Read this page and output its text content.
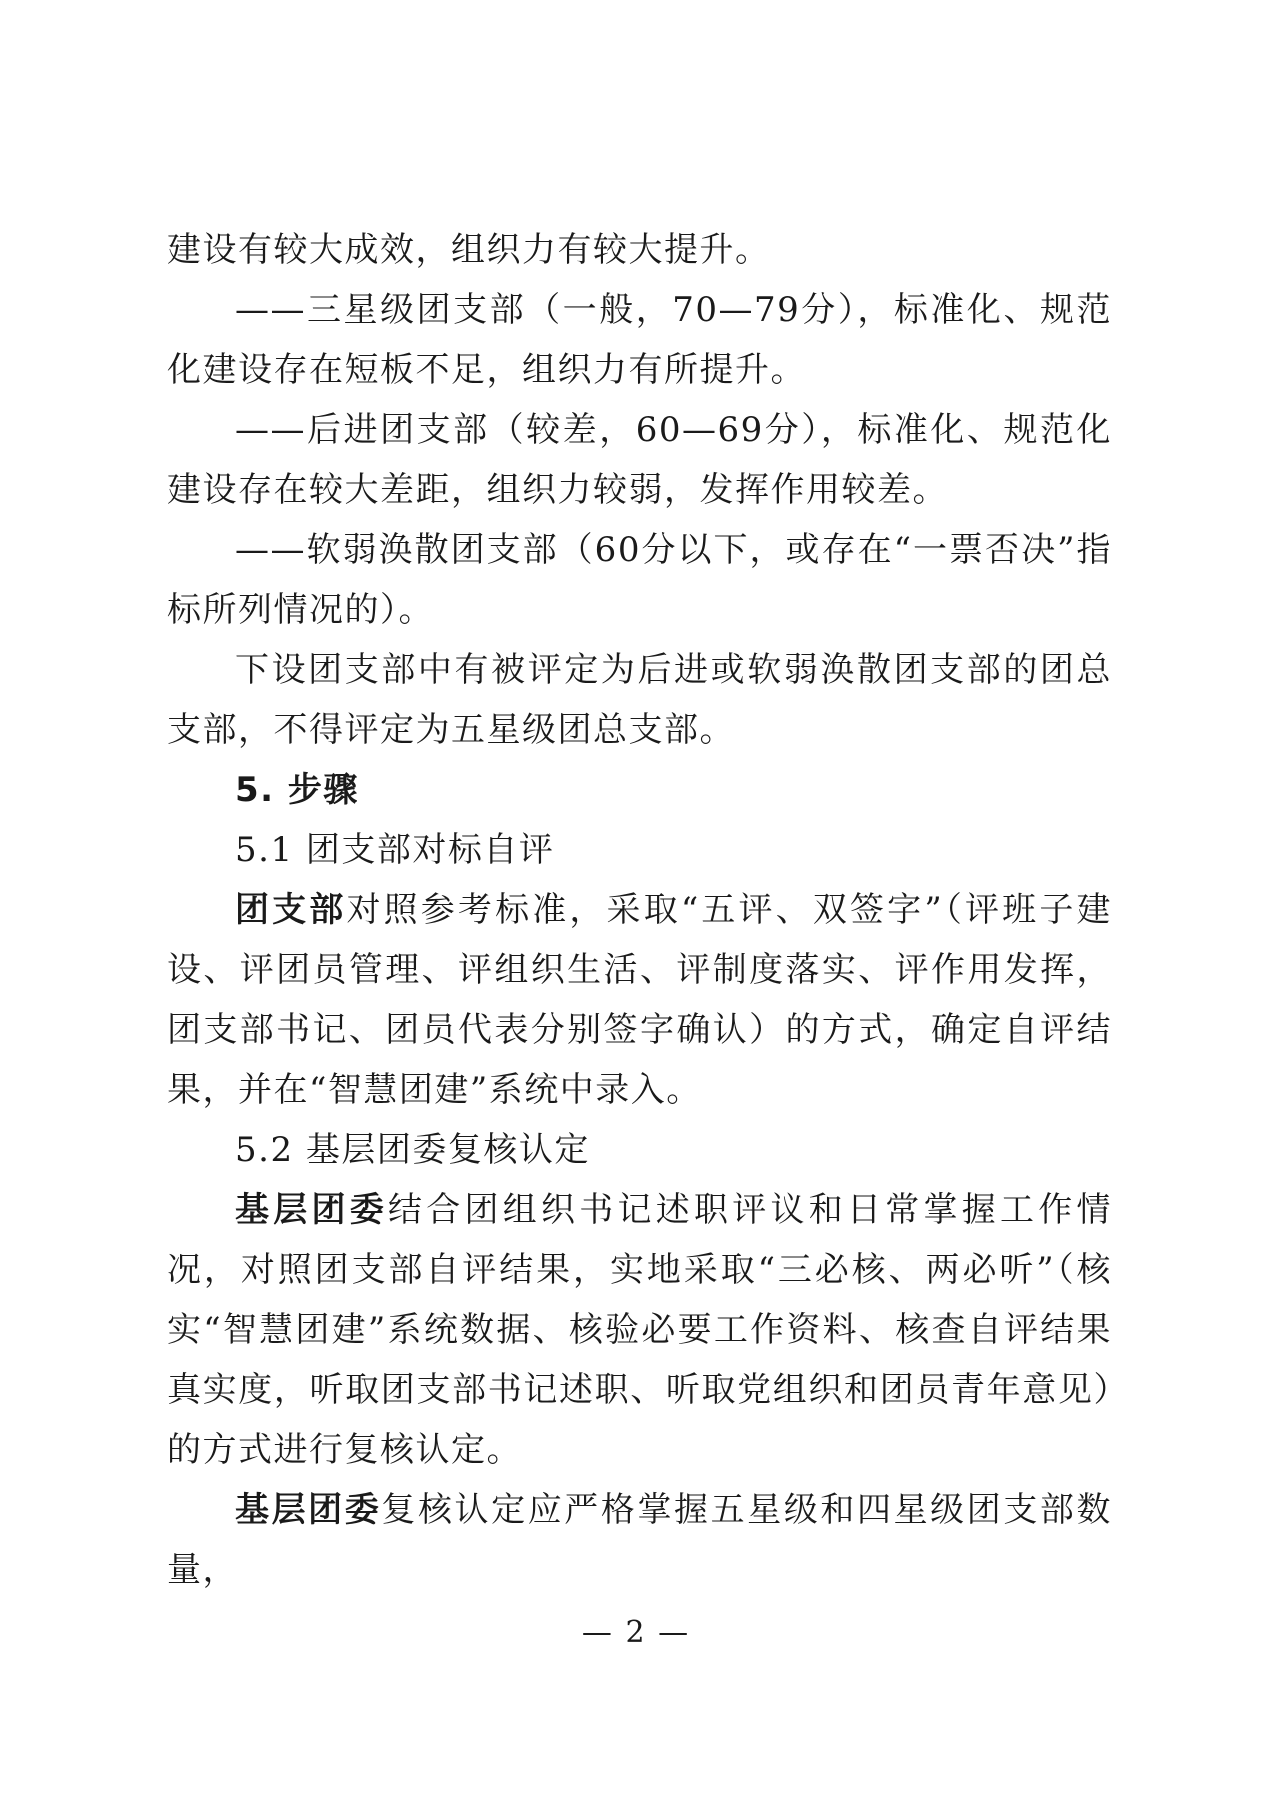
建设有较大成效，组织力有较大提升。

——三星级团支部（一般，70—79分），标准化、规范化建设存在短板不足，组织力有所提升。

——后进团支部（较差，60—69分），标准化、规范化建设存在较大差距，组织力较弱，发挥作用较差。

——软弱涣散团支部（60分以下，或存在“一票否决”指标所列情况的）。

下设团支部中有被评定为后进或软弱涣散团支部的团总支部，不得评定为五星级团总支部。

5. 步骤

5.1 团支部对标自评

团支部对照参考标准，采取“五评、双签字”（评班子建设、评团员管理、评组织生活、评制度落实、评作用发挥，团支部书记、团员代表分别签字确认）的方式，确定自评结果，并在“智慧团建”系统中录入。

5.2 基层团委复核认定

基层团委结合团组织书记述职评议和日常掌握工作情况，对照团支部自评结果，实地采取“三必核、两必听”（核实“智慧团建”系统数据、核验必要工作资料、核查自评结果真实度，听取团支部书记述职、听取党组织和团员青年意见）的方式进行复核认定。

基层团委复核认定应严格掌握五星级和四星级团支部数量，

— 2 —
